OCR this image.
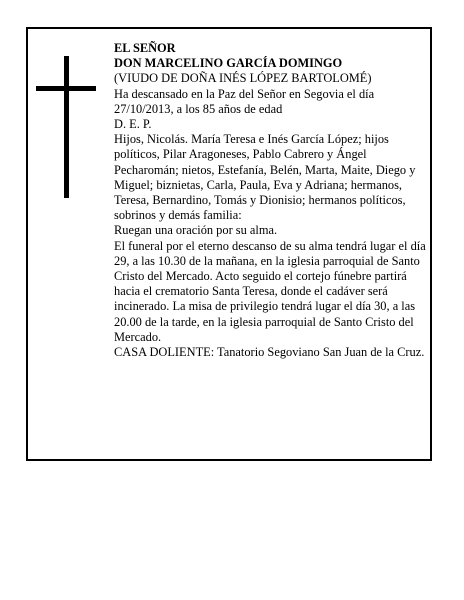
EL SEÑOR

DON MARCELINO GARCÍA DOMINGO

(VIUDO DE DOÑA INÉS LÓPEZ BARTOLOMÉ)

Ha descansado en la Paz del Señor en Segovia el día 27/10/2013, a los 85 años de edad

D. E. P.

Hijos, Nicolás. María Teresa e Inés García López; hijos políticos, Pilar Aragoneses, Pablo Cabrero y Ángel Pecharomán; nietos, Estefanía, Belén, Marta, Maite, Diego y Miguel; biznietas, Carla, Paula, Eva y Adriana; hermanos, Teresa, Bernardino, Tomás y Dionisio; hermanos políticos, sobrinos y demás familia:

Ruegan una oración por su alma.

El funeral por el eterno descanso de su alma tendrá lugar el día 29, a las 10.30 de la mañana, en la iglesia parroquial de Santo Cristo del Mercado. Acto seguido el cortejo fúnebre partirá hacia el crematorio Santa Teresa, donde el cadáver será incinerado. La misa de privilegio tendrá lugar el día 30, a las 20.00 de la tarde, en la iglesia parroquial de Santo Cristo del Mercado.

CASA DOLIENTE: Tanatorio Segoviano San Juan de la Cruz.
